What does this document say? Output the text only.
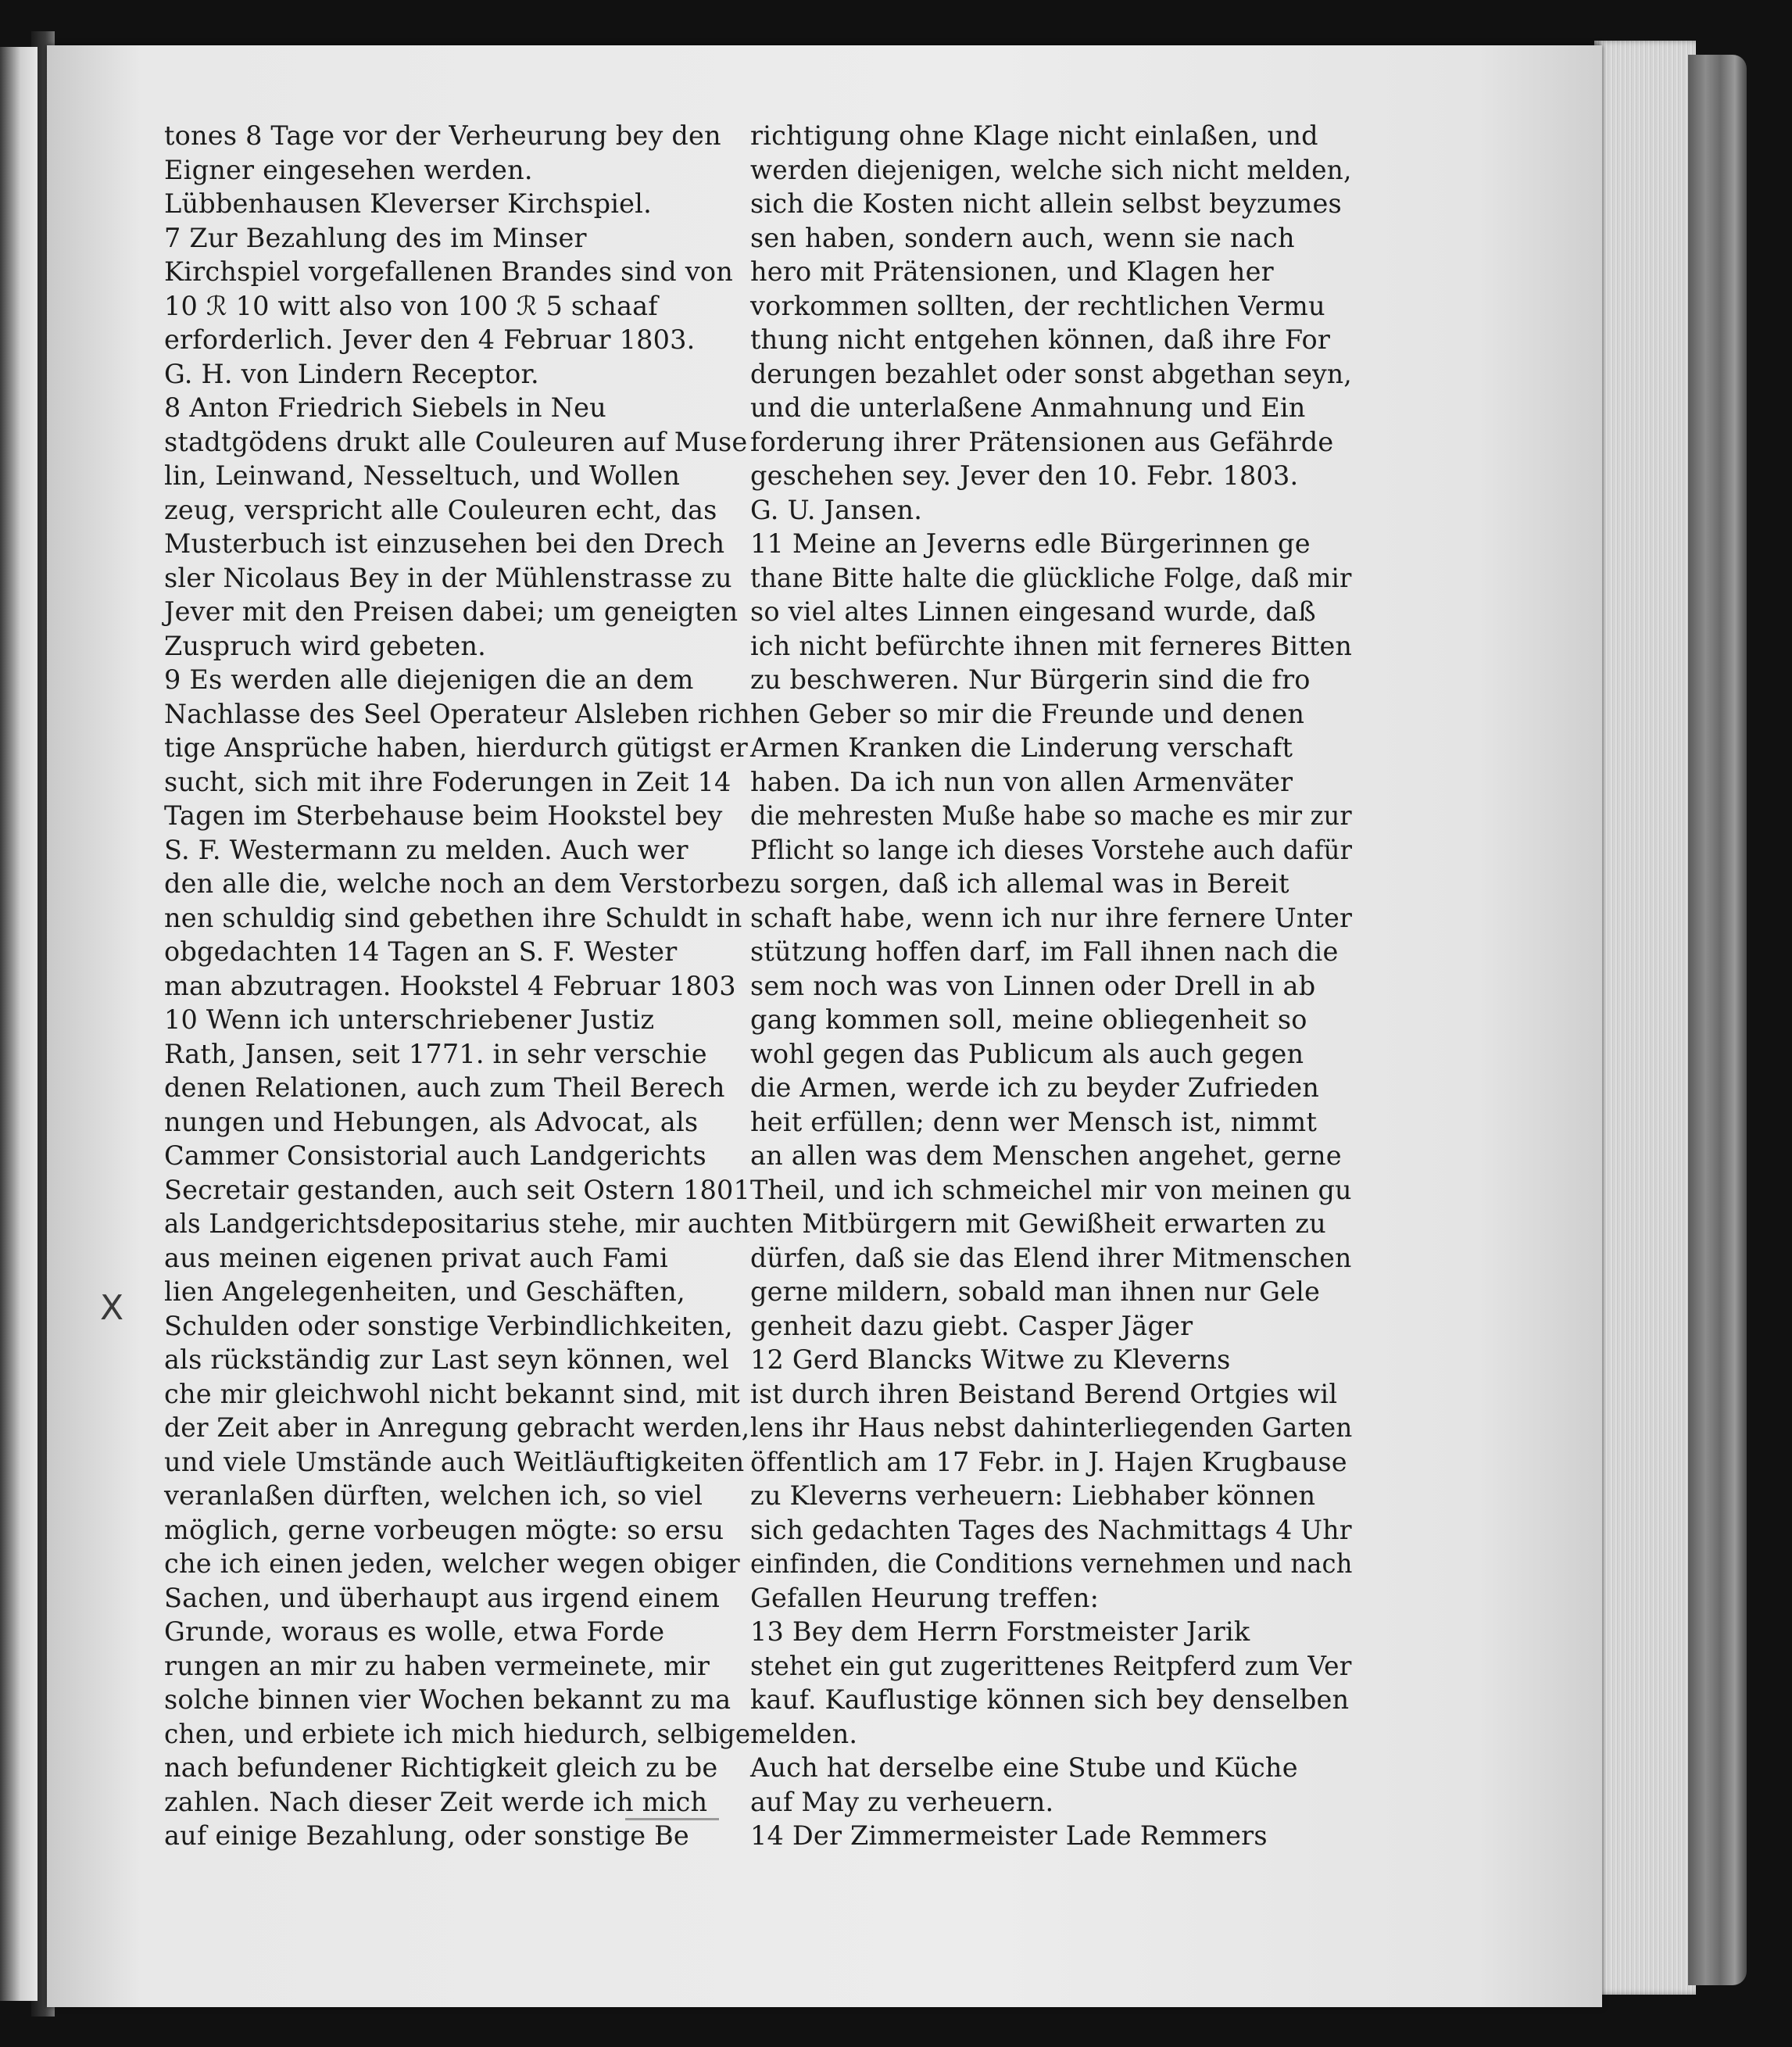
tones 8 Tage vor der Verheurung bey den
Eigner eingesehen werden.
Lübbenhausen Kleverser Kirchspiel.
7 Zur Bezahlung des im Minser
Kirchspiel vorgefallenen Brandes sind von
10 ℛ 10 witt also von 100 ℛ 5 schaaf
erforderlich. Jever den 4 Februar 1803.
G. H. von Lindern Receptor.
8 Anton Friedrich Siebels in Neu
stadtgödens drukt alle Couleuren auf Muse
lin, Leinwand, Nesseltuch, und Wollen
zeug, verspricht alle Couleuren echt, das
Musterbuch ist einzusehen bei den Drech
sler Nicolaus Bey in der Mühlenstrasse zu
Jever mit den Preisen dabei; um geneigten
Zuspruch wird gebeten.
9 Es werden alle diejenigen die an dem
Nachlasse des Seel Operateur Alsleben rich
tige Ansprüche haben, hierdurch gütigst er
sucht, sich mit ihre Foderungen in Zeit 14
Tagen im Sterbehause beim Hookstel bey
S. F. Westermann zu melden. Auch wer
den alle die, welche noch an dem Verstorbe
nen schuldig sind gebethen ihre Schuldt in
obgedachten 14 Tagen an S. F. Wester
man abzutragen. Hookstel 4 Februar 1803
10 Wenn ich unterschriebener Justiz
Rath, Jansen, seit 1771. in sehr verschie
denen Relationen, auch zum Theil Berech
nungen und Hebungen, als Advocat, als
Cammer Consistorial auch Landgerichts
Secretair gestanden, auch seit Ostern 1801
als Landgerichtsdepositarius stehe, mir auch
aus meinen eigenen privat auch Fami
lien Angelegenheiten, und Geschäften,
Schulden oder sonstige Verbindlichkeiten,
als rückständig zur Last seyn können, wel
che mir gleichwohl nicht bekannt sind, mit
der Zeit aber in Anregung gebracht werden,
und viele Umstände auch Weitläuftigkeiten
veranlaßen dürften, welchen ich, so viel
möglich, gerne vorbeugen mögte: so ersu
che ich einen jeden, welcher wegen obiger
Sachen, und überhaupt aus irgend einem
Grunde, woraus es wolle, etwa Forde
rungen an mir zu haben vermeinete, mir
solche binnen vier Wochen bekannt zu ma
chen, und erbiete ich mich hiedurch, selbige
nach befundener Richtigkeit gleich zu be
zahlen. Nach dieser Zeit werde ich mich
auf einige Bezahlung, oder sonstige Be
richtigung ohne Klage nicht einlaßen, und
werden diejenigen, welche sich nicht melden,
sich die Kosten nicht allein selbst beyzumes
sen haben, sondern auch, wenn sie nach
hero mit Prätensionen, und Klagen her
vorkommen sollten, der rechtlichen Vermu
thung nicht entgehen können, daß ihre For
derungen bezahlet oder sonst abgethan seyn,
und die unterlaßene Anmahnung und Ein
forderung ihrer Prätensionen aus Gefährde
geschehen sey. Jever den 10. Febr. 1803.
G. U. Jansen.
11 Meine an Jeverns edle Bürgerinnen ge
thane Bitte halte die glückliche Folge, daß mir
so viel altes Linnen eingesand wurde, daß
ich nicht befürchte ihnen mit ferneres Bitten
zu beschweren. Nur Bürgerin sind die fro
hen Geber so mir die Freunde und denen
Armen Kranken die Linderung verschaft
haben. Da ich nun von allen Armenväter
die mehresten Muße habe so mache es mir zur
Pflicht so lange ich dieses Vorstehe auch dafür
zu sorgen, daß ich allemal was in Bereit
schaft habe, wenn ich nur ihre fernere Unter
stützung hoffen darf, im Fall ihnen nach die
sem noch was von Linnen oder Drell in ab
gang kommen soll, meine obliegenheit so
wohl gegen das Publicum als auch gegen
die Armen, werde ich zu beyder Zufrieden
heit erfüllen; denn wer Mensch ist, nimmt
an allen was dem Menschen angehet, gerne
Theil, und ich schmeichel mir von meinen gu
ten Mitbürgern mit Gewißheit erwarten zu
dürfen, daß sie das Elend ihrer Mitmenschen
gerne mildern, sobald man ihnen nur Gele
genheit dazu giebt. Casper Jäger
12 Gerd Blancks Witwe zu Kleverns
ist durch ihren Beistand Berend Ortgies wil
lens ihr Haus nebst dahinterliegenden Garten
öffentlich am 17 Febr. in J. Hajen Krugbause
zu Kleverns verheuern: Liebhaber können
sich gedachten Tages des Nachmittags 4 Uhr
einfinden, die Conditions vernehmen und nach
Gefallen Heurung treffen:
13 Bey dem Herrn Forstmeister Jarik
stehet ein gut zugerittenes Reitpferd zum Ver
kauf. Kauflustige können sich bey denselben
melden.
Auch hat derselbe eine Stube und Küche
auf May zu verheuern.
14 Der Zimmermeister Lade Remmers
X
